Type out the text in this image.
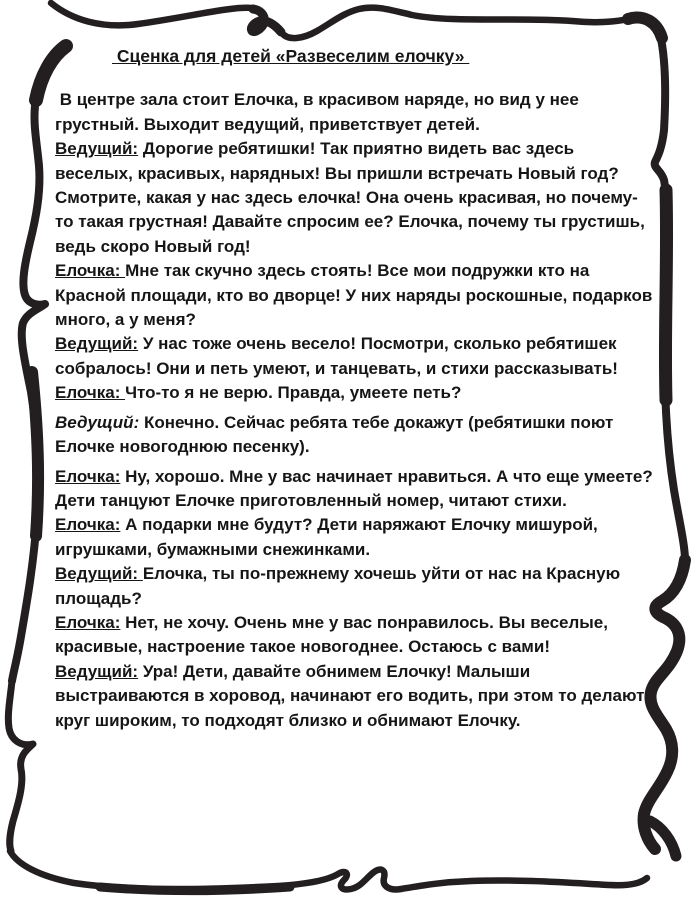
Сценка для детей «Развеселим елочку»

В центре зала стоит Елочка, в красивом наряде, но вид у нее грустный. Выходит ведущий, приветствует детей.

Ведущий: Дорогие ребятишки! Так приятно видеть вас здесь веселых, красивых, нарядных! Вы пришли встречать Новый год? Смотрите, какая у нас здесь елочка! Она очень красивая, но почему-то такая грустная! Давайте спросим ее? Елочка, почему ты грустишь, ведь скоро Новый год!

Елочка: Мне так скучно здесь стоять! Все мои подружки кто на Красной площади, кто во дворце! У них наряды роскошные, подарков много, а у меня?

Ведущий: У нас тоже очень весело! Посмотри, сколько ребятишек собралось! Они и петь умеют, и танцевать, и стихи рассказывать!

Елочка: Что-то я не верю. Правда, умеете петь?

Ведущий: Конечно. Сейчас ребята тебе докажут (ребятишки поют Елочке новогоднюю песенку).

Елочка: Ну, хорошо. Мне у вас начинает нравиться. А что еще умеете?

Дети танцуют Елочке приготовленный номер, читают стихи.

Елочка: А подарки мне будут? Дети наряжают Елочку мишурой, игрушками, бумажными снежинками.

Ведущий: Елочка, ты по-прежнему хочешь уйти от нас на Красную площадь?

Елочка: Нет, не хочу. Очень мне у вас понравилось. Вы веселые, красивые, настроение такое новогоднее. Остаюсь с вами!

Ведущий: Ура! Дети, давайте обнимем Елочку! Малыши выстраиваются в хоровод, начинают его водить, при этом то делают круг широким, то подходят близко и обнимают Елочку.
